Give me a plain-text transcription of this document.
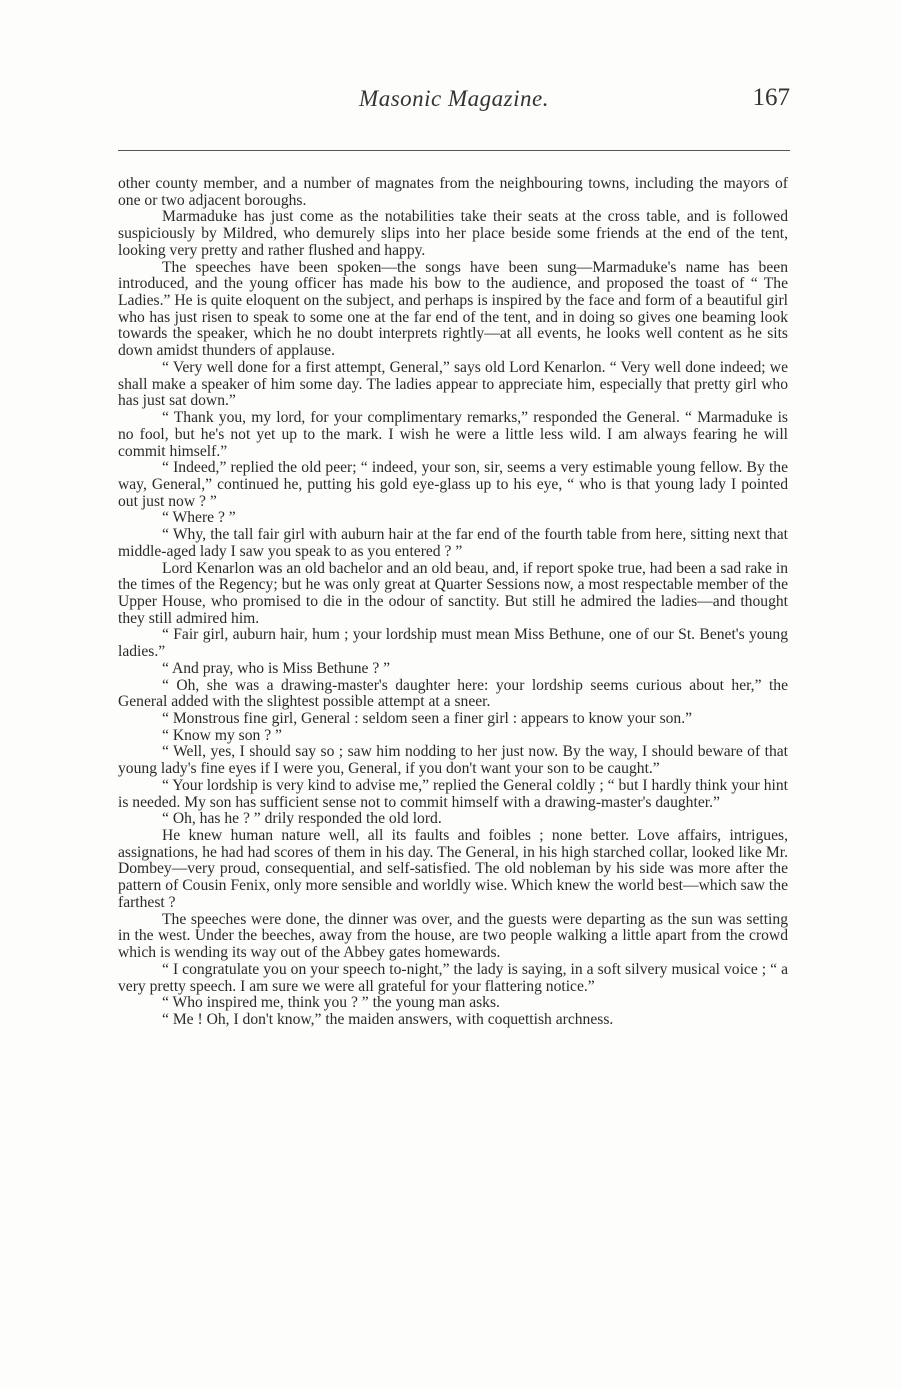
Masonic Magazine.	167

other county member, and a number of magnates from the neighbouring towns, including the mayors of one or two adjacent boroughs.

Marmaduke has just come as the notabilities take their seats at the cross table, and is followed suspiciously by Mildred, who demurely slips into her place beside some friends at the end of the tent, looking very pretty and rather flushed and happy.

The speeches have been spoken—the songs have been sung—Marmaduke's name has been introduced, and the young officer has made his bow to the audience, and proposed the toast of “ The Ladies.” He is quite eloquent on the subject, and perhaps is inspired by the face and form of a beautiful girl who has just risen to speak to some one at the far end of the tent, and in doing so gives one beaming look towards the speaker, which he no doubt interprets rightly—at all events, he looks well content as he sits down amidst thunders of applause.

“ Very well done for a first attempt, General,” says old Lord Kenarlon. “ Very well done indeed; we shall make a speaker of him some day. The ladies appear to appreciate him, especially that pretty girl who has just sat down.”

“ Thank you, my lord, for your complimentary remarks,” responded the General. “ Marmaduke is no fool, but he's not yet up to the mark. I wish he were a little less wild. I am always fearing he will commit himself.”

“ Indeed,” replied the old peer; “ indeed, your son, sir, seems a very estimable young fellow. By the way, General,” continued he, putting his gold eye-glass up to his eye, “ who is that young lady I pointed out just now ? ”

“ Where ? ”

“ Why, the tall fair girl with auburn hair at the far end of the fourth table from here, sitting next that middle-aged lady I saw you speak to as you entered ? ”

Lord Kenarlon was an old bachelor and an old beau, and, if report spoke true, had been a sad rake in the times of the Regency; but he was only great at Quarter Sessions now, a most respectable member of the Upper House, who promised to die in the odour of sanctity. But still he admired the ladies—and thought they still admired him.

“ Fair girl, auburn hair, hum ; your lordship must mean Miss Bethune, one of our St. Benet's young ladies.”

“ And pray, who is Miss Bethune ? ”

“ Oh, she was a drawing-master's daughter here: your lordship seems curious about her,” the General added with the slightest possible attempt at a sneer.

“ Monstrous fine girl, General : seldom seen a finer girl : appears to know your son.”

“ Know my son ? ”

“ Well, yes, I should say so ; saw him nodding to her just now. By the way, I should beware of that young lady's fine eyes if I were you, General, if you don't want your son to be caught.”

“ Your lordship is very kind to advise me,” replied the General coldly ; “ but I hardly think your hint is needed. My son has sufficient sense not to commit himself with a drawing-master's daughter.”

“ Oh, has he ? ” drily responded the old lord.

He knew human nature well, all its faults and foibles ; none better. Love affairs, intrigues, assignations, he had had scores of them in his day. The General, in his high starched collar, looked like Mr. Dombey—very proud, consequential, and self-satisfied. The old nobleman by his side was more after the pattern of Cousin Fenix, only more sensible and worldly wise. Which knew the world best—which saw the farthest ?

The speeches were done, the dinner was over, and the guests were departing as the sun was setting in the west. Under the beeches, away from the house, are two people walking a little apart from the crowd which is wending its way out of the Abbey gates homewards.

“ I congratulate you on your speech to-night,” the lady is saying, in a soft silvery musical voice ; “ a very pretty speech. I am sure we were all grateful for your flattering notice.”

“ Who inspired me, think you ? ” the young man asks.

“ Me ! Oh, I don't know,” the maiden answers, with coquettish archness.
